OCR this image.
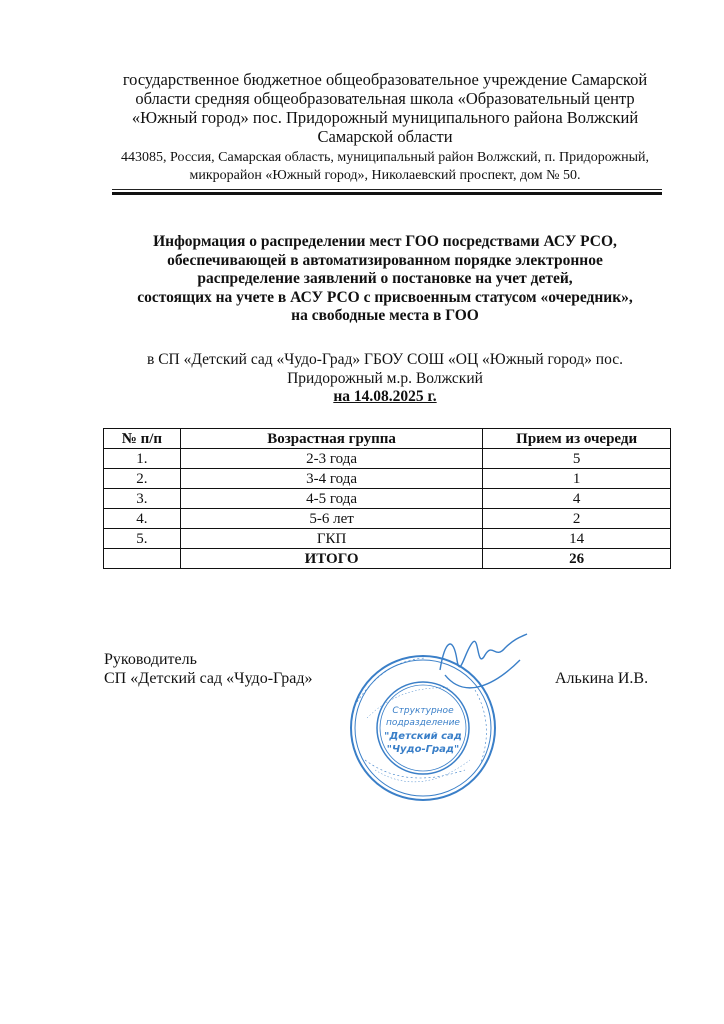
государственное бюджетное общеобразовательное учреждение Самарской
области средняя общеобразовательная школа «Образовательный центр
«Южный город» пос. Придорожный муниципального района Волжский
Самарской области
443085, Россия, Самарская область, муниципальный район Волжский, п. Придорожный,
микрорайон «Южный город», Николаевский проспект, дом № 50.
Информация о распределении мест ГОО посредствами АСУ РСО,
обеспечивающей в автоматизированном порядке электронное
распределение заявлений о постановке на учет детей,
состоящих на учете в АСУ РСО с присвоенным статусом «очередник»,
на свободные места в ГОО
в СП «Детский сад «Чудо-Град» ГБОУ СОШ «ОЦ «Южный город» пос.
Придорожный м.р. Волжский
на 14.08.2025 г.
№ п/п	Возрастная группа	Прием из очереди
1.	2-3 года	5
2.	3-4 года	1
3.	4-5 года	4
4.	5-6 лет	2
5.	ГКП	14
	ИТОГО	26
Руководитель
СП «Детский сад «Чудо-Град»
Структурное
подразделение
"Детский сад
"Чудо-Град"
Алькина И.В.
